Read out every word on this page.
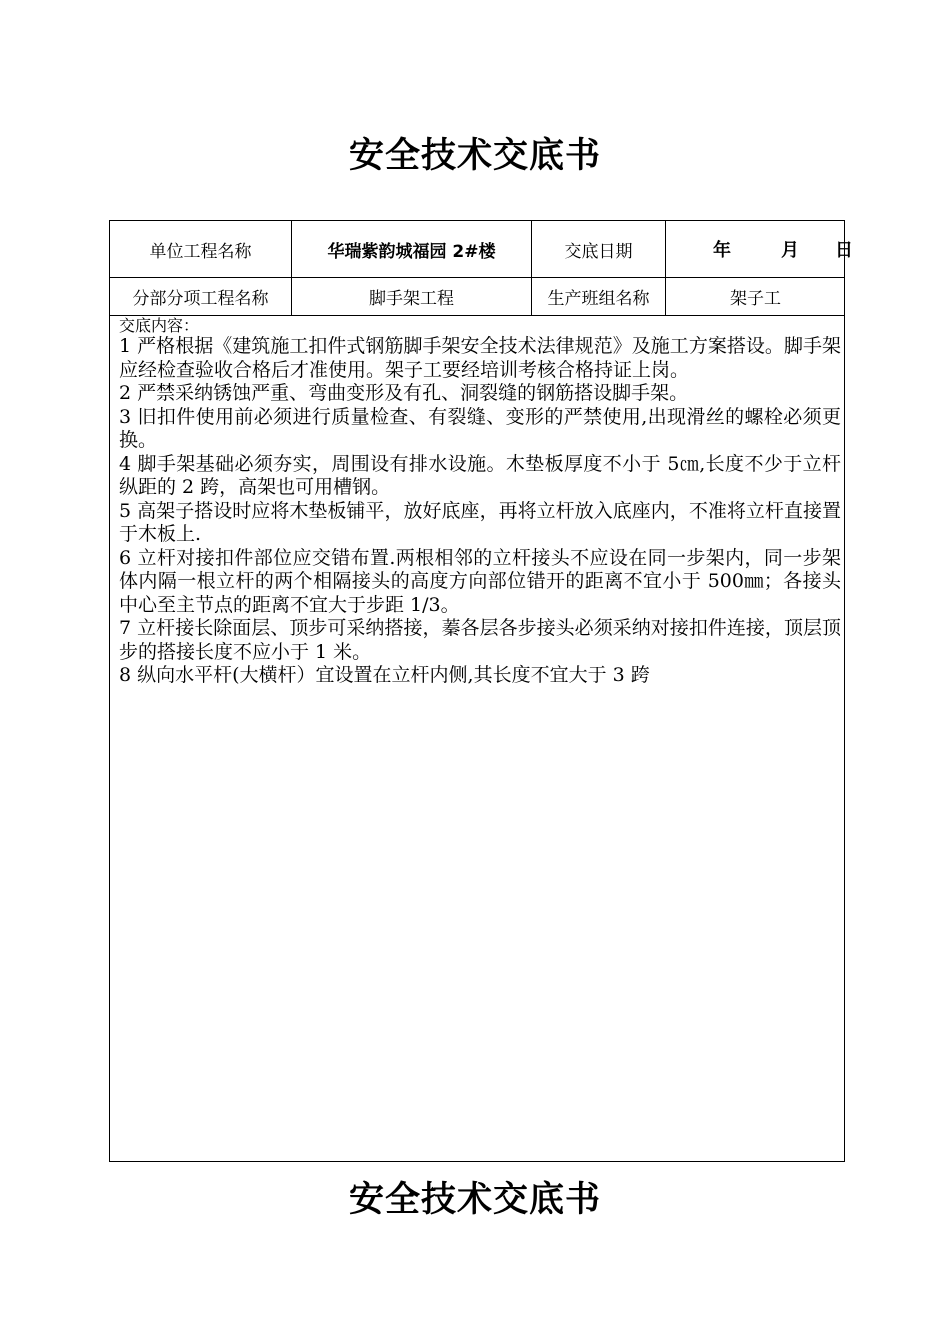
安全技术交底书
单位工程名称	华瑞紫韵城福园 2#楼	交底日期	年	月 日
分部分项工程名称	脚手架工程	生产班组名称	架子工

交底内容：

1 严格根据《建筑施工扣件式钢筋脚手架安全技术法律规范》及施工方案搭设。脚手架应经检查验收合格后才准使用。架子工要经培训考核合格持证上岗。

2 严禁采纳锈蚀严重、弯曲变形及有孔、洞裂缝的钢筋搭设脚手架。

3 旧扣件使用前必须进行质量检查、有裂缝、变形的严禁使用,出现滑丝的螺栓必须更换。

4 脚手架基础必须夯实，周围设有排水设施。木垫板厚度不小于 5㎝,长度不少于立杆纵距的 2 跨，高架也可用槽钢。

5 高架子搭设时应将木垫板铺平，放好底座，再将立杆放入底座内，不准将立杆直接置于木板上.

6 立杆对接扣件部位应交错布置.两根相邻的立杆接头不应设在同一步架内，同一步架体内隔一根立杆的两个相隔接头的高度方向部位错开的距离不宜小于 500㎜；各接头中心至主节点的距离不宜大于步距 1/3。

7 立杆接长除面层、顶步可采纳搭接，蓁各层各步接头必须采纳对接扣件连接，顶层顶步的搭接长度不应小于 1 米。

8 纵向水平杆(大横杆）宜设置在立杆内侧,其长度不宜大于 3 跨

安全技术交底书
